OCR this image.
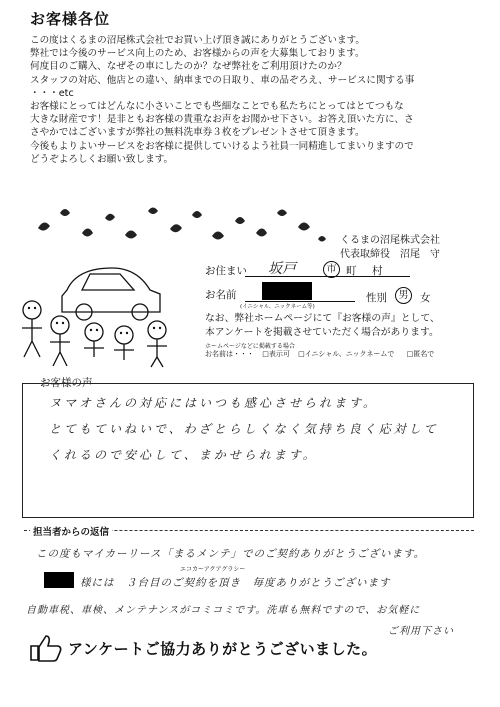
お客様各位
この度はくるまの沼尾株式会社でお買い上げ頂き誠にありがとうございます。
弊社では今後のサービス向上のため、お客様からの声を大募集しております。
何度目のご購入、なぜその車にしたのか？なぜ弊社をご利用頂けたのか？
スタッフの対応、他店との違い、納車までの日取り、車の品ぞろえ、サービスに関する事
・・・etc
お客様にとってはどんなに小さいことでも些細なことでも私たちにとってはとてつもな
大きな財産です！是非ともお客様の貴重なお声をお聞かせ下さい。お答え頂いた方に、さ
さやかではございますが弊社の無料洗車券３枚をプレゼントさせて頂きます。
今後もよりよいサービスをお客様に提供していけるよう社員一同精進してまいりますので
どうぞよろしくお願い致します。
くるまの沼尾株式会社
代表取締役　沼尾　守
お住まい 坂戸	市 町 村
お名前
(イニシャル、ニックネーム等)
性別	男	女
なお、弊社ホームページにて『お客様の声』として、
本アンケートを掲載させていただく場合があります。
ホームページなどに掲載する場合
お名前は・・・ □表示可 □イニシャル、ニックネームで □匿名で
お客様の声
ヌマオさんの対応にはいつも感心させられます。
とてもていねいで、わざとらしくなく気持ち良く応対して
くれるので安心して、まかせられます。
担当者からの返信
この度もマイカーリース「まるメンテ」でのご契約ありがとうございます。
エコカーアクアグラシー
様には　３台目のご契約を頂き　毎度ありがとうございます
自動車税、車検、メンテナンスがコミコミです。洗車も無料ですので、お気軽に
ご利用下さい
アンケートご協力ありがとうございました。
